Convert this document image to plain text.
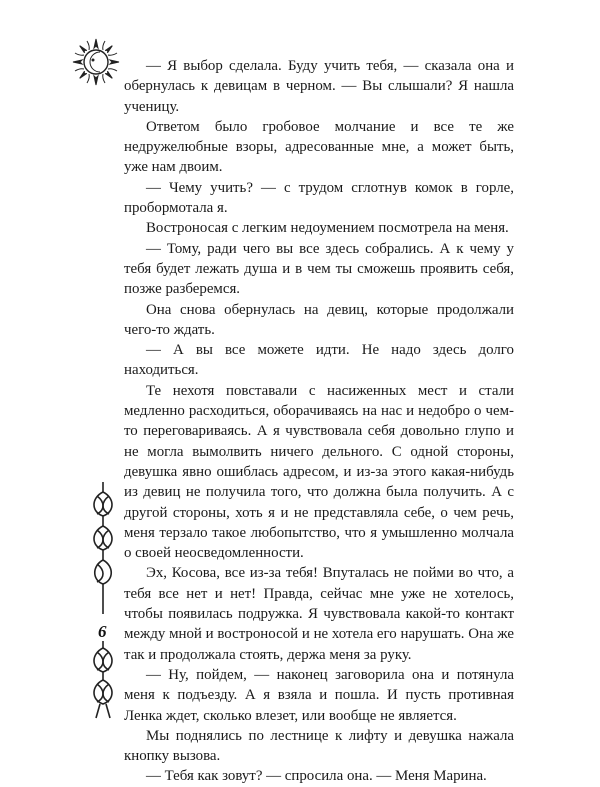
6

— Я выбор сделала. Буду учить тебя, — сказала она и обернулась к девицам в черном. — Вы слышали? Я нашла ученицу.

Ответом было гробовое молчание и все те же недружелюбные взоры, адресованные мне, а может быть, уже нам двоим.

— Чему учить? — с трудом сглотнув комок в горле, пробормотала я.

Востроносая с легким недоумением посмотрела на меня.

— Тому, ради чего вы все здесь собрались. А к чему у тебя будет лежать душа и в чем ты сможешь проявить себя, позже разберемся.

Она снова обернулась на девиц, которые продолжали чего-то ждать.

— А вы все можете идти. Не надо здесь долго находиться.

Те нехотя повставали с насиженных мест и стали медленно расходиться, оборачиваясь на нас и недобро о чем-то переговариваясь. А я чувствовала себя довольно глупо и не могла вымолвить ничего дельного. С одной стороны, девушка явно ошиблась адресом, и из-за этого какая-нибудь из девиц не получила того, что должна была получить. А с другой стороны, хоть я и не представляла себе, о чем речь, меня терзало такое любопытство, что я умышленно молчала о своей неосведомленности.

Эх, Косова, все из-за тебя! Впуталась не пойми во что, а тебя все нет и нет! Правда, сейчас мне уже не хотелось, чтобы появилась подружка. Я чувствовала какой-то контакт между мной и востроносой и не хотела его нарушать. Она же так и продолжала стоять, держа меня за руку.

— Ну, пойдем, — наконец заговорила она и потянула меня к подъезду. А я взяла и пошла. И пусть противная Ленка ждет, сколько влезет, или вообще не является.

Мы поднялись по лестнице к лифту и девушка нажала кнопку вызова.

— Тебя как зовут? — спросила она. — Меня Марина.
